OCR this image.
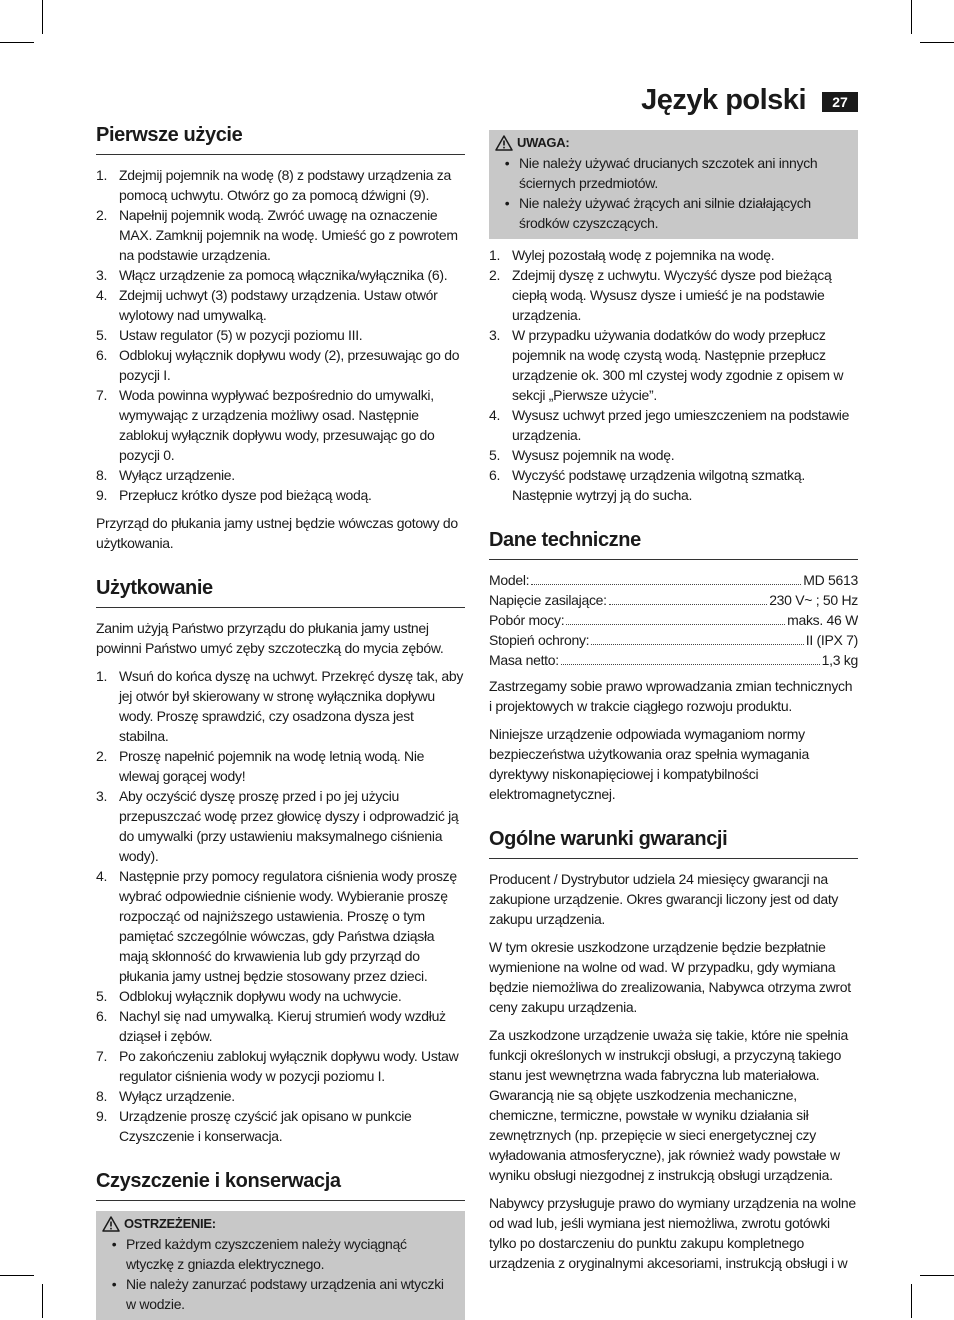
Język polski	27
Pierwsze użycie
1. Zdejmij pojemnik na wodę (8) z podstawy urządzenia za pomocą uchwytu. Otwórz go za pomocą dźwigni (9).
2. Napełnij pojemnik wodą. Zwróć uwagę na oznaczenie MAX. Zamknij pojemnik na wodę. Umieść go z powrotem na podstawie urządzenia.
3. Włącz urządzenie za pomocą włącznika/wyłącznika (6).
4. Zdejmij uchwyt (3) podstawy urządzenia. Ustaw otwór wylotowy nad umywalką.
5. Ustaw regulator (5) w pozycji poziomu III.
6. Odblokuj wyłącznik dopływu wody (2), przesuwając go do pozycji I.
7. Woda powinna wypływać bezpośrednio do umywalki, wymywając z urządzenia możliwy osad. Następnie zablokuj wyłącznik dopływu wody, przesuwając go do pozycji 0.
8. Wyłącz urządzenie.
9. Przepłucz krótko dysze pod bieżącą wodą.

Przyrząd do płukania jamy ustnej będzie wówczas gotowy do użytkowania.

Użytkowanie

Zanim użyją Państwo przyrządu do płukania jamy ustnej powinni Państwo umyć zęby szczoteczką do mycia zębów.

1. Wsuń do końca dyszę na uchwyt. Przekręć dyszę tak, aby jej otwór był skierowany w stronę wyłącznika dopływu wody. Proszę sprawdzić, czy osadzona dysza jest stabilna.
2. Proszę napełnić pojemnik na wodę letnią wodą. Nie wlewaj gorącej wody!
3. Aby oczyścić dyszę proszę przed i po jej użyciu przepuszczać wodę przez głowicę dyszy i odprowadzić ją do umywalki (przy ustawieniu maksymalnego ciśnienia wody).
4. Następnie przy pomocy regulatora ciśnienia wody proszę wybrać odpowiednie ciśnienie wody. Wybieranie proszę rozpocząć od najniższego ustawienia. Proszę o tym pamiętać szczególnie wówczas, gdy Państwa dziąsła mają skłonność do krwawienia lub gdy przyrząd do płukania jamy ustnej będzie stosowany przez dzieci.
5. Odblokuj wyłącznik dopływu wody na uchwycie.
6. Nachyl się nad umywalką. Kieruj strumień wody wzdłuż dziąseł i zębów.
7. Po zakończeniu zablokuj wyłącznik dopływu wody. Ustaw regulator ciśnienia wody w pozycji poziomu I.
8. Wyłącz urządzenie.
9. Urządzenie proszę czyścić jak opisano w punkcie Czyszczenie i konserwacja.
Czyszczenie i konserwacja
OSTRZEŻENIE:
• Przed każdym czyszczeniem należy wyciągnąć wtyczkę z gniazda elektrycznego.
• Nie należy zanurzać podstawy urządzenia ani wtyczki w wodzie.
UWAGA:
• Nie należy używać drucianych szczotek ani innych ściernych przedmiotów.
• Nie należy używać żrących ani silnie działających środków czyszczących.
1. Wylej pozostałą wodę z pojemnika na wodę.
2. Zdejmij dyszę z uchwytu. Wyczyść dysze pod bieżącą ciepłą wodą. Wysusz dysze i umieść je na podstawie urządzenia.
3. W przypadku używania dodatków do wody przepłucz pojemnik na wodę czystą wodą. Następnie przepłucz urządzenie ok. 300 ml czystej wody zgodnie z opisem w sekcji „Pierwsze użycie”.
4. Wysusz uchwyt przed jego umieszczeniem na podstawie urządzenia.
5. Wysusz pojemnik na wodę.
6. Wyczyść podstawę urządzenia wilgotną szmatką. Następnie wytrzyj ją do sucha.
Dane techniczne
Model:	MD 5613
Napięcie zasilające:	230 V~ ; 50 Hz
Pobór mocy:	maks. 46 W
Stopień ochrony:	II (IPX 7)
Masa netto:	1,3 kg

Zastrzegamy sobie prawo wprowadzania zmian technicznych i projektowych w trakcie ciągłego rozwoju produktu.

Niniejsze urządzenie odpowiada wymaganiom normy bezpieczeństwa użytkowania oraz spełnia wymagania dyrektywy niskonapięciowej i kompatybilności elektromagnetycznej.

Ogólne warunki gwarancji

Producent / Dystrybutor udziela 24 miesięcy gwarancji na zakupione urządzenie. Okres gwarancji liczony jest od daty zakupu urządzenia.

W tym okresie uszkodzone urządzenie będzie bezpłatnie wymienione na wolne od wad. W przypadku, gdy wymiana będzie niemożliwa do zrealizowania, Nabywca otrzyma zwrot ceny zakupu urządzenia.

Za uszkodzone urządzenie uważa się takie, które nie spełnia funkcji określonych w instrukcji obsługi, a przyczyną takiego stanu jest wewnętrzna wada fabryczna lub materiałowa. Gwarancją nie są objęte uszkodzenia mechaniczne, chemiczne, termiczne, powstałe w wyniku działania sił zewnętrznych (np. przepięcie w sieci energetycznej czy wyładowania atmosferyczne), jak również wady powstałe w wyniku obsługi niezgodnej z instrukcją obsługi urządzenia.

Nabywcy przysługuje prawo do wymiany urządzenia na wolne od wad lub, jeśli wymiana jest niemożliwa, zwrotu gotówki tylko po dostarczeniu do punktu zakupu kompletnego urządzenia z oryginalnymi akcesoriami, instrukcją obsługi i w
